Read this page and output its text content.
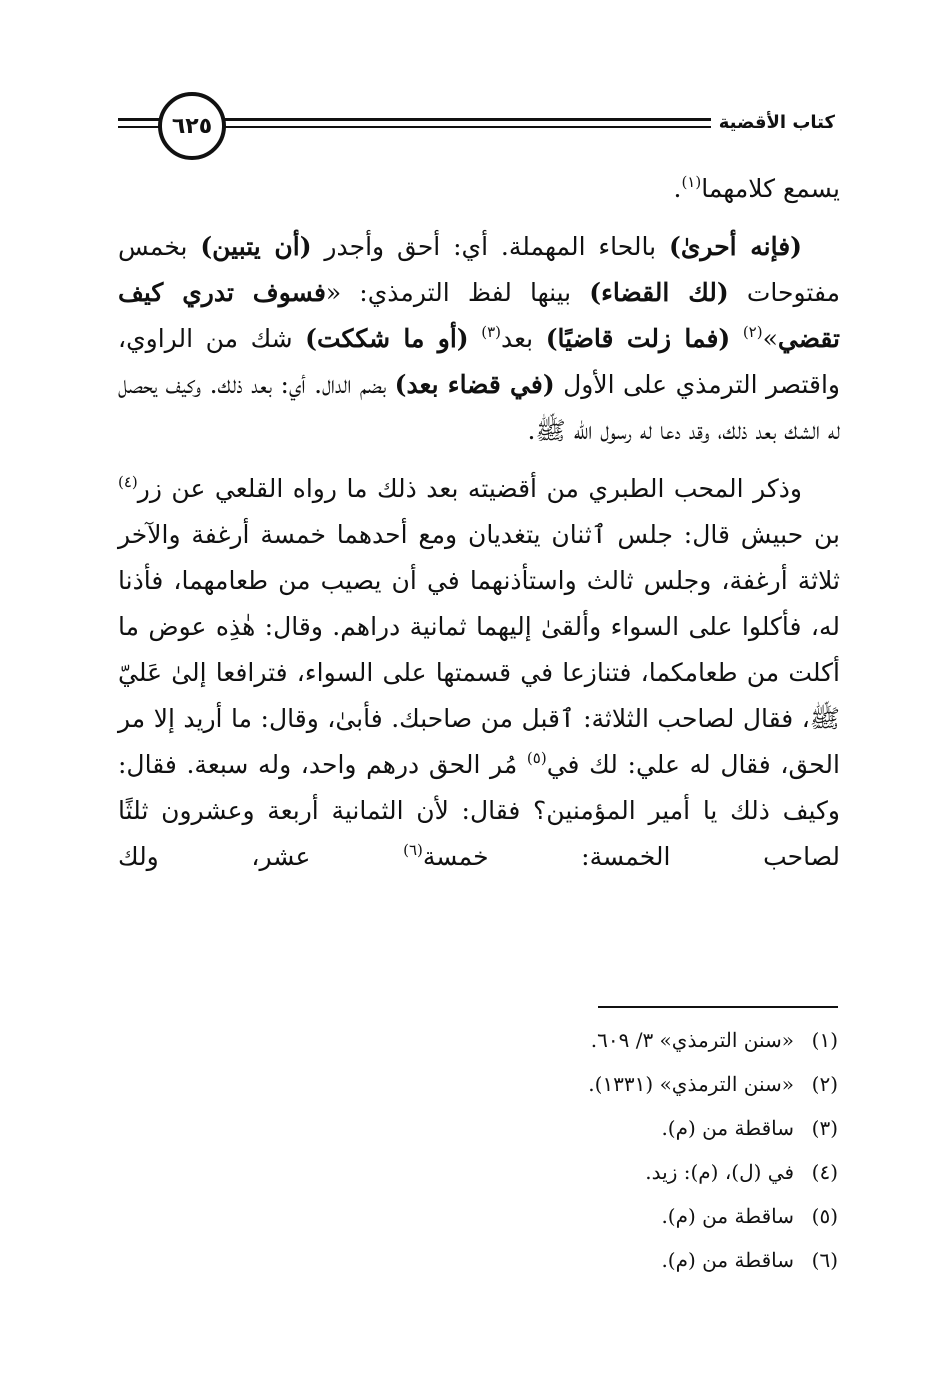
كتاب الأقضية
٦٢٥

يسمع كلامهما$^{(١)}$.

(فإنه أحرىٰ) بالحاء المهملة. أي: أحق وأجدر (أن يتبين) بخمس مفتوحات (لك القضاء) بينها لفظ الترمذي: «فسوف تدري كيف تقضي»$^{(٢)}$ (فما زلت قاضيًا) بعد$^{(٣)}$ (أو ما شككت) شك من الراوي، واقتصر الترمذي على الأول (في قضاء بعد) بضم الدال. أي: بعد ذلك. وكيف يحصل له الشك بعد ذلك، وقد دعا له رسول الله ﷺ.

وذكر المحب الطبري من أقضيته بعد ذلك ما رواه القلعي عن زر$^{(٤)}$ بن حبيش قال: جلس ٱثنان يتغديان ومع أحدهما خمسة أرغفة والآخر ثلاثة أرغفة، وجلس ثالث واستأذنهما في أن يصيب من طعامهما، فأذنا له، فأكلوا على السواء وألقىٰ إليهما ثمانية دراهم. وقال: هٰذِه عوض ما أكلت من طعامكما، فتنازعا في قسمتها على السواء، فترافعا إلىٰ عَليّ ﷺ، فقال لصاحب الثلاثة: ٱقبل من صاحبك. فأبىٰ، وقال: ما أريد إلا مر الحق، فقال له علي: لك في$^{(٥)}$ مُر الحق درهم واحد، وله سبعة. فقال: وكيف ذلك يا أمير المؤمنين؟ فقال: لأن الثمانية أربعة وعشرون ثلثًا لصاحب الخمسة: خمسة$^{(٦)}$ عشر، ولك

(١)
«سنن الترمذي» ٣/ ٦٠٩.
(٢)
«سنن الترمذي» (١٣٣١).
(٣)
ساقطة من (م).
(٤)
في (ل)، (م): زيد.
(٥)
ساقطة من (م).
(٦)
ساقطة من (م).
